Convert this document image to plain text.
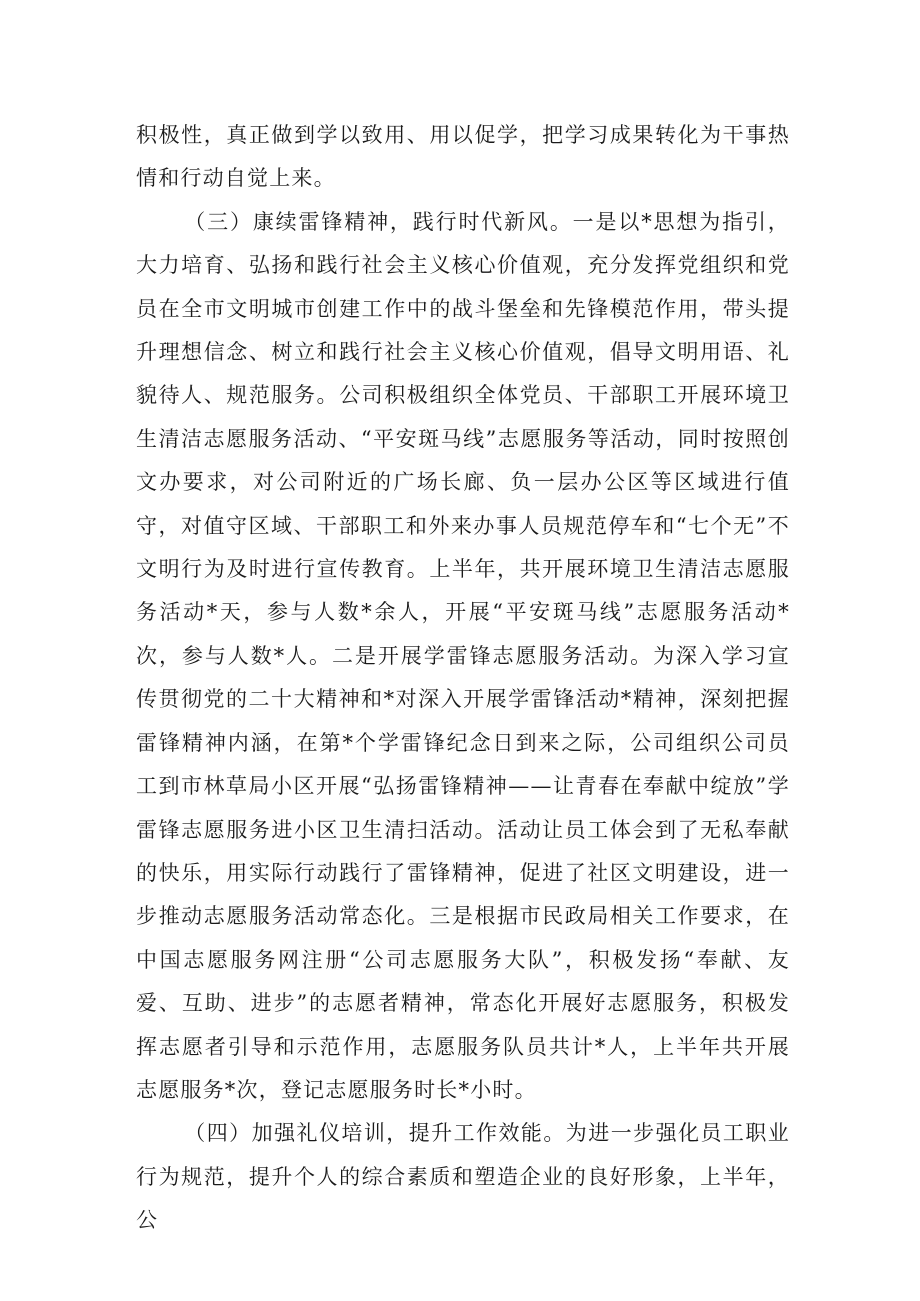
积极性，真正做到学以致用、用以促学，把学习成果转化为干事热情和行动自觉上来。

（三）康续雷锋精神，践行时代新风。一是以*思想为指引，大力培育、弘扬和践行社会主义核心价值观，充分发挥党组织和党员在全市文明城市创建工作中的战斗堡垒和先锋模范作用，带头提升理想信念、树立和践行社会主义核心价值观，倡导文明用语、礼貌待人、规范服务。公司积极组织全体党员、干部职工开展环境卫生清洁志愿服务活动、“平安斑马线”志愿服务等活动，同时按照创文办要求，对公司附近的广场长廊、负一层办公区等区域进行值守，对值守区域、干部职工和外来办事人员规范停车和“七个无”不文明行为及时进行宣传教育。上半年，共开展环境卫生清洁志愿服务活动*天，参与人数*余人，开展“平安斑马线”志愿服务活动*次，参与人数*人。二是开展学雷锋志愿服务活动。为深入学习宣传贯彻党的二十大精神和*对深入开展学雷锋活动*精神，深刻把握雷锋精神内涵，在第*个学雷锋纪念日到来之际，公司组织公司员工到市林草局小区开展“弘扬雷锋精神——让青春在奉献中绽放”学雷锋志愿服务进小区卫生清扫活动。活动让员工体会到了无私奉献的快乐，用实际行动践行了雷锋精神，促进了社区文明建设，进一步推动志愿服务活动常态化。三是根据市民政局相关工作要求，在中国志愿服务网注册“公司志愿服务大队”，积极发扬“奉献、友爱、互助、进步”的志愿者精神，常态化开展好志愿服务，积极发挥志愿者引导和示范作用，志愿服务队员共计*人，上半年共开展志愿服务*次，登记志愿服务时长*小时。

（四）加强礼仪培训，提升工作效能。为进一步强化员工职业行为规范，提升个人的综合素质和塑造企业的良好形象，上半年，公
